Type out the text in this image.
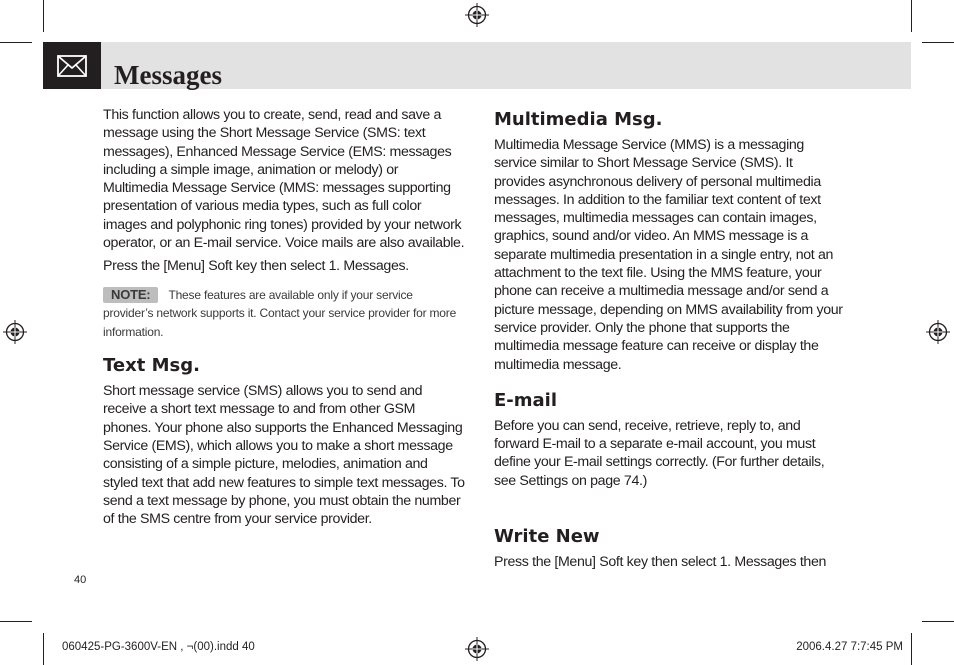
Messages

This function allows you to create, send, read and save a message using the Short Message Service (SMS: text messages), Enhanced Message Service (EMS: messages including a simple image, animation or melody) or Multimedia Message Service (MMS: messages supporting presentation of various media types, such as full color images and polyphonic ring tones) provided by your network operator, or an E-mail service. Voice mails are also available.

Press the [Menu] Soft key then select 1. Messages.

NOTE: These features are available only if your service provider’s network supports it. Contact your service provider for more information.
Text Msg.

Short message service (SMS) allows you to send and receive a short text message to and from other GSM phones. Your phone also supports the Enhanced Messaging Service (EMS), which allows you to make a short message consisting of a simple picture, melodies, animation and styled text that add new features to simple text messages. To send a text message by phone, you must obtain the number of the SMS centre from your service provider.

Multimedia Msg.

Multimedia Message Service (MMS) is a messaging service similar to Short Message Service (SMS). It provides asynchronous delivery of personal multimedia messages. In addition to the familiar text content of text messages, multimedia messages can contain images, graphics, sound and/or video. An MMS message is a separate multimedia presentation in a single entry, not an attachment to the text file. Using the MMS feature, your phone can receive a multimedia message and/or send a picture message, depending on MMS availability from your service provider. Only the phone that supports the multimedia message feature can receive or display the multimedia message.

E-mail

Before you can send, receive, retrieve, reply to, and forward E-mail to a separate e-mail account, you must define your E-mail settings correctly. (For further details, see Settings on page 74.)

Write New

Press the [Menu] Soft key then select 1. Messages then

40
060425-PG-3600V-EN , ¬(00).indd 40	2006.4.27 7:7:45 PM
